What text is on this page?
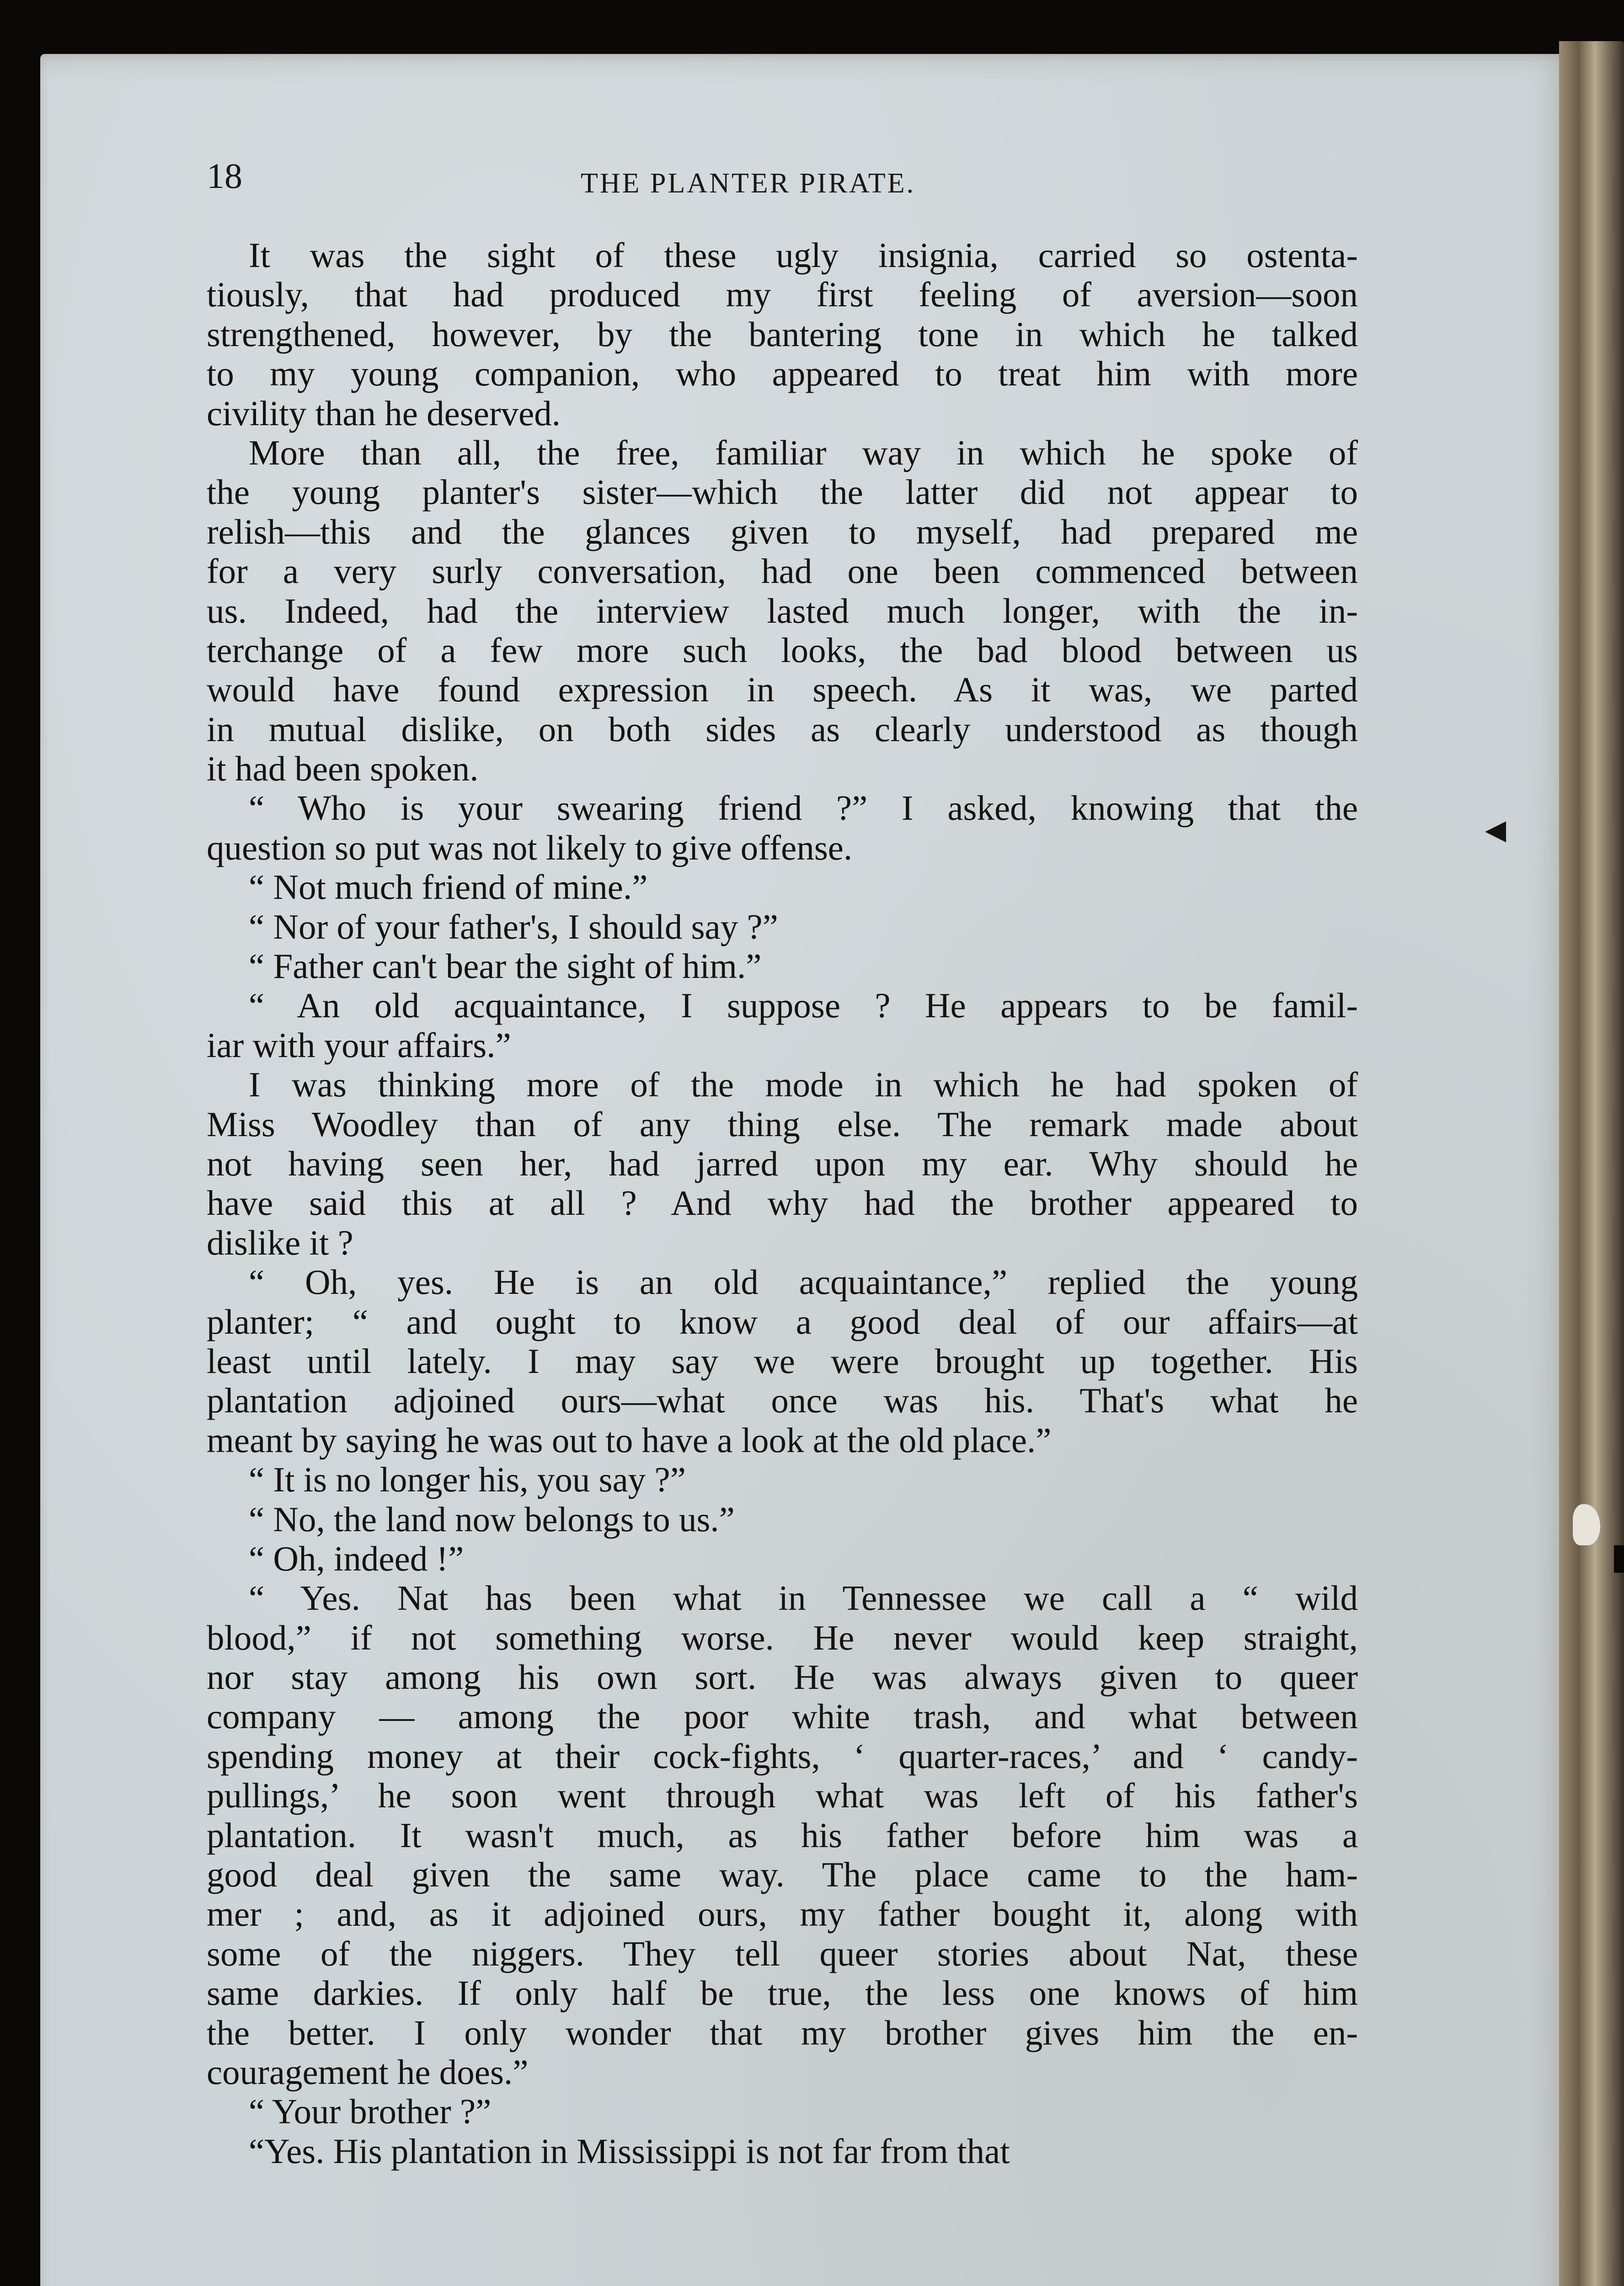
◀
18	THE PLANTER PIRATE.
It was the sight of these ugly insignia, carried so ostenta-
tiously, that had produced my first feeling of aversion—soon
strengthened, however, by the bantering tone in which he talked
to my young companion, who appeared to treat him with more
civility than he deserved.
More than all, the free, familiar way in which he spoke of
the young planter's sister—which the latter did not appear to
relish—this and the glances given to myself, had prepared me
for a very surly conversation, had one been commenced between
us. Indeed, had the interview lasted much longer, with the in-
terchange of a few more such looks, the bad blood between us
would have found expression in speech. As it was, we parted
in mutual dislike, on both sides as clearly understood as though
it had been spoken.
“ Who is your swearing friend ?” I asked, knowing that the
question so put was not likely to give offense.
“ Not much friend of mine.”
“ Nor of your father's, I should say ?”
“ Father can't bear the sight of him.”
“ An old acquaintance, I suppose ? He appears to be famil-
iar with your affairs.”
I was thinking more of the mode in which he had spoken of
Miss Woodley than of any thing else. The remark made about
not having seen her, had jarred upon my ear. Why should he
have said this at all ? And why had the brother appeared to
dislike it ?
“ Oh, yes. He is an old acquaintance,” replied the young
planter; “ and ought to know a good deal of our affairs—at
least until lately. I may say we were brought up together. His
plantation adjoined ours—what once was his. That's what he
meant by saying he was out to have a look at the old place.”
“ It is no longer his, you say ?”
“ No, the land now belongs to us.”
“ Oh, indeed !”
“ Yes. Nat has been what in Tennessee we call a “ wild
blood,” if not something worse. He never would keep straight,
nor stay among his own sort. He was always given to queer
company — among the poor white trash, and what between
spending money at their cock-fights, ‘ quarter-races,’ and ‘ candy-
pullings,’ he soon went through what was left of his father's
plantation. It wasn't much, as his father before him was a
good deal given the same way. The place came to the ham-
mer ; and, as it adjoined ours, my father bought it, along with
some of the niggers. They tell queer stories about Nat, these
same darkies. If only half be true, the less one knows of him
the better. I only wonder that my brother gives him the en-
couragement he does.”
“ Your brother ?”
“Yes. His plantation in Mississippi is not far from that
